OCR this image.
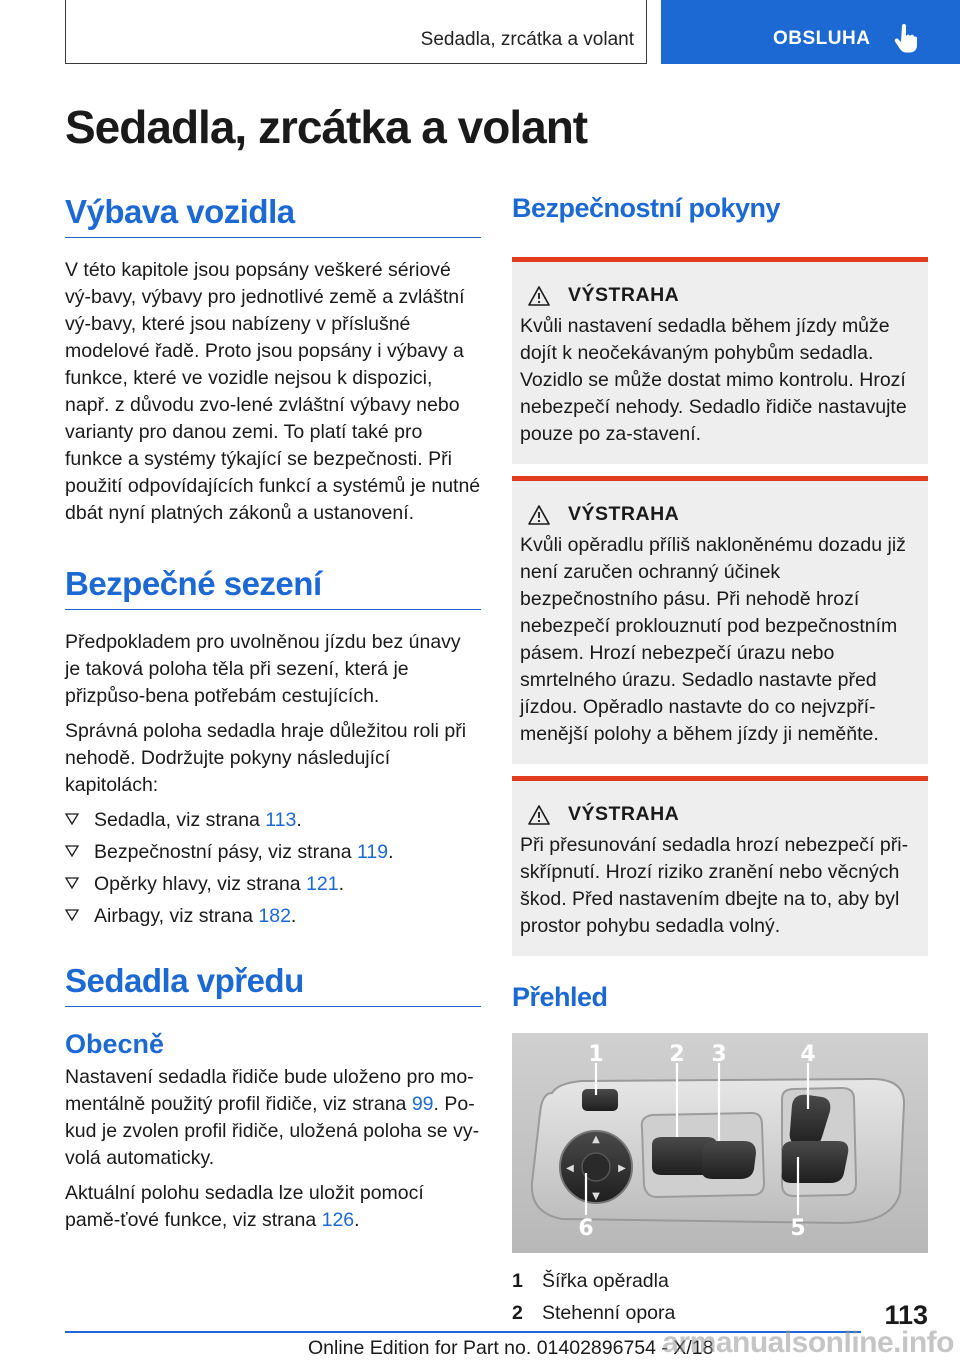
Sedadla, zrcátka a volant	OBSLUHA
Sedadla, zrcátka a volant
Výbava vozidla

V této kapitole jsou popsány veškeré sériové vý-bavy, výbavy pro jednotlivé země a zvláštní vý-bavy, které jsou nabízeny v příslušné modelové řadě. Proto jsou popsány i výbavy a funkce, které ve vozidle nejsou k dispozici, např. z důvodu zvo-lené zvláštní výbavy nebo varianty pro danou zemi. To platí také pro funkce a systémy týkající se bezpečnosti. Při použití odpovídajících funkcí a systémů je nutné dbát nyní platných zákonů a ustanovení.

Bezpečné sezení

Předpokladem pro uvolněnou jízdu bez únavy je taková poloha těla při sezení, která je přizpůso-bena potřebám cestujících.

Správná poloha sedadla hraje důležitou roli při nehodě. Dodržujte pokyny následující kapitolách:

Sedadla, viz strana 113.
Bezpečnostní pásy, viz strana 119.
Opěrky hlavy, viz strana 121.
Airbagy, viz strana 182.
Sedadla vpředu
Obecně

Nastavení sedadla řidiče bude uloženo pro mo-mentálně použitý profil řidiče, viz strana 99. Po-kud je zvolen profil řidiče, uložená poloha se vy-volá automaticky.

Aktuální polohu sedadla lze uložit pomocí pamě-ťové funkce, viz strana 126.

Bezpečnostní pokyny
VÝSTRAHA

Kvůli nastavení sedadla během jízdy může dojít k neočekávaným pohybům sedadla. Vozidlo se může dostat mimo kontrolu. Hrozí nebezpečí nehody. Sedadlo řidiče nastavujte pouze po za-stavení.

VÝSTRAHA

Kvůli opěradlu příliš nakloněnému dozadu již není zaručen ochranný účinek bezpečnostního pásu. Při nehodě hrozí nebezpečí proklouznutí pod bezpečnostním pásem. Hrozí nebezpečí úrazu nebo smrtelného úrazu. Sedadlo nastavte před jízdou. Opěradlo nastavte do co nejvzpří-menější polohy a během jízdy ji neměňte.

VÝSTRAHA

Při přesunování sedadla hrozí nebezpečí při-skřípnutí. Hrozí riziko zranění nebo věcných škod. Před nastavením dbejte na to, aby byl prostor pohybu sedadla volný.

Přehled
▲
▼
◀	▶
1	2 3	4
5
6
1 Šířka opěradla
2 Stehenní opora	113
Online Edition for Part no. 01402896754 - X/18
armanualsonline.info
